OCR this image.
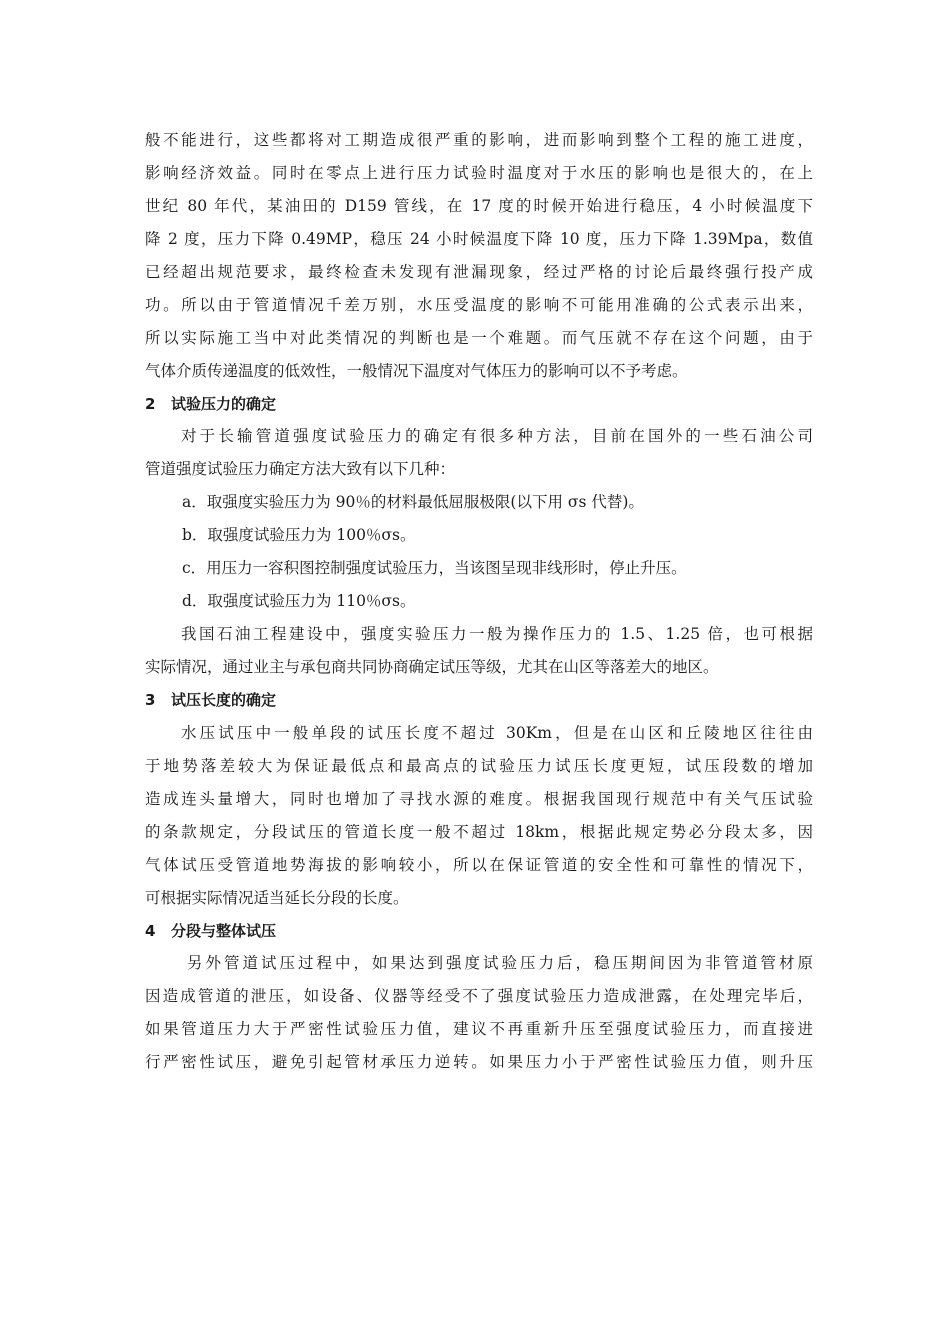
般不能进行，这些都将对工期造成很严重的影响，进而影响到整个工程的施工进度，
影响经济效益。同时在零点上进行压力试验时温度对于水压的影响也是很大的，在上
世纪 80 年代，某油田的 D159 管线，在 17 度的时候开始进行稳压，4 小时候温度下
降 2 度，压力下降 0.49MP，稳压 24 小时候温度下降 10 度，压力下降 1.39Mpa，数值
已经超出规范要求，最终检查未发现有泄漏现象，经过严格的讨论后最终强行投产成
功。所以由于管道情况千差万别，水压受温度的影响不可能用准确的公式表示出来，
所以实际施工当中对此类情况的判断也是一个难题。而气压就不存在这个问题，由于
气体介质传递温度的低效性，一般情况下温度对气体压力的影响可以不予考虑。
2 试验压力的确定
对于长输管道强度试验压力的确定有很多种方法，目前在国外的一些石油公司
管道强度试验压力确定方法大致有以下几种：
a．取强度实验压力为 90％的材料最低屈服极限(以下用 σs 代替)。
b．取强度试验压力为 100％σs。
c．用压力一容积图控制强度试验压力，当该图呈现非线形时，停止升压。
d．取强度试验压力为 110％σs。
我国石油工程建设中，强度实验压力一般为操作压力的 1.5、1.25 倍，也可根据
实际情况，通过业主与承包商共同协商确定试压等级，尤其在山区等落差大的地区。
3 试压长度的确定
水压试压中一般单段的试压长度不超过 30Km，但是在山区和丘陵地区往往由
于地势落差较大为保证最低点和最高点的试验压力试压长度更短，试压段数的增加
造成连头量增大，同时也增加了寻找水源的难度。根据我国现行规范中有关气压试验
的条款规定，分段试压的管道长度一般不超过 18km，根据此规定势必分段太多，因
气体试压受管道地势海拔的影响较小，所以在保证管道的安全性和可靠性的情况下，
可根据实际情况适当延长分段的长度。
4 分段与整体试压
另外管道试压过程中，如果达到强度试验压力后，稳压期间因为非管道管材原
因造成管道的泄压，如设备、仪器等经受不了强度试验压力造成泄露，在处理完毕后，
如果管道压力大于严密性试验压力值，建议不再重新升压至强度试验压力，而直接进
行严密性试压，避免引起管材承压力逆转。如果压力小于严密性试验压力值，则升压
